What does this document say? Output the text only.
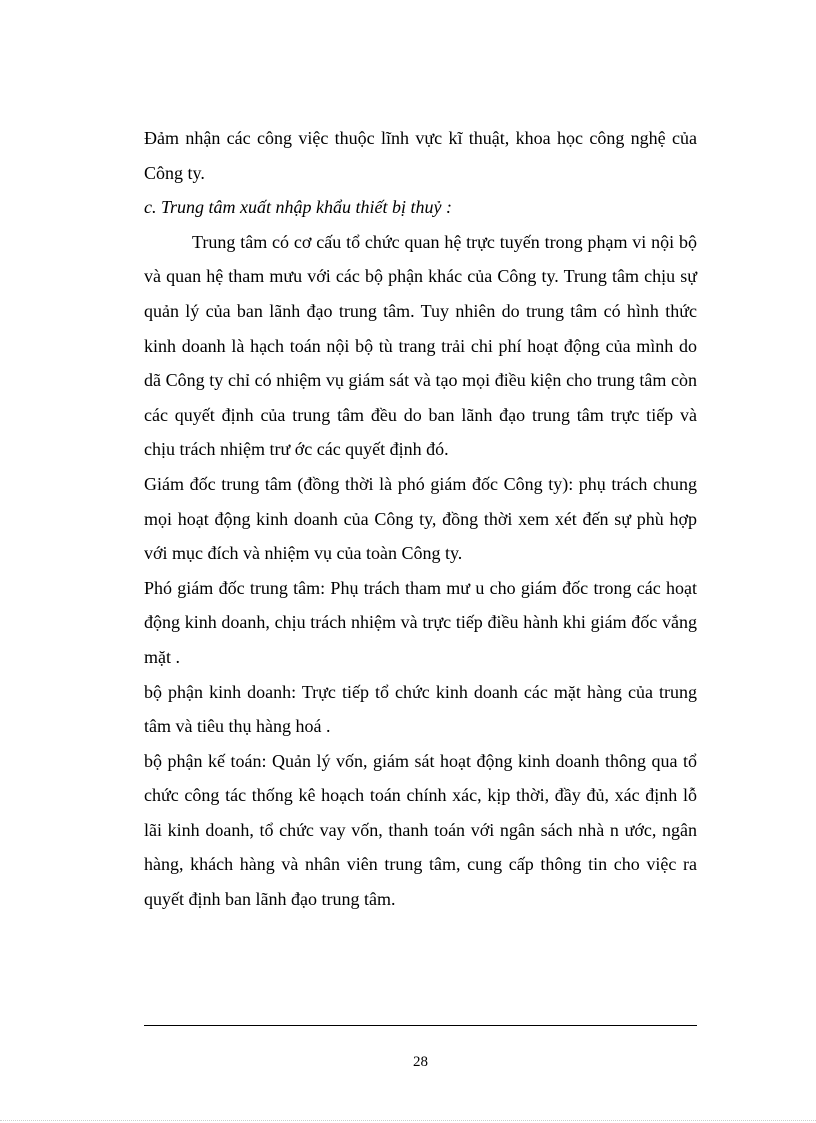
Đảm nhận các công việc thuộc lĩnh vực kĩ thuật, khoa học công nghệ của Công ty.

c. Trung tâm xuất nhập khẩu thiết bị thuỷ :

Trung tâm có cơ cấu tổ chức quan hệ trực tuyến trong phạm vi nội bộ và quan hệ tham mưu với các bộ phận khác của Công ty. Trung tâm chịu sự quản lý của ban lãnh đạo trung tâm. Tuy nhiên do trung tâm có hình thức kinh doanh là hạch toán nội bộ tù trang trải chi phí hoạt động của mình do dã Công ty chỉ có nhiệm vụ giám sát và tạo mọi điều kiện cho trung tâm còn các quyết định của trung tâm đều do ban lãnh đạo trung tâm trực tiếp và chịu trách nhiệm trư ớc các quyết định đó.

Giám đốc trung tâm (đồng thời là phó giám đốc Công ty): phụ trách chung mọi hoạt động kinh doanh của Công ty, đồng thời xem xét đến sự phù hợp với mục đích và nhiệm vụ của toàn Công ty.

Phó giám đốc trung tâm: Phụ trách tham mư u cho giám đốc trong các hoạt động kinh doanh, chịu trách nhiệm và trực tiếp điều hành khi giám đốc vắng mặt .

bộ phận kinh doanh: Trực tiếp tổ chức kinh doanh các mặt hàng của trung tâm và tiêu thụ hàng hoá .

bộ phận kế toán: Quản lý vốn, giám sát hoạt động kinh doanh thông qua tổ chức công tác thống kê hoạch toán chính xác, kịp thời, đầy đủ, xác định lỗ lãi kinh doanh, tổ chức vay vốn, thanh toán với ngân sách nhà n ước, ngân hàng, khách hàng và nhân viên trung tâm, cung cấp thông tin cho việc ra quyết định ban lãnh đạo trung tâm.

28
